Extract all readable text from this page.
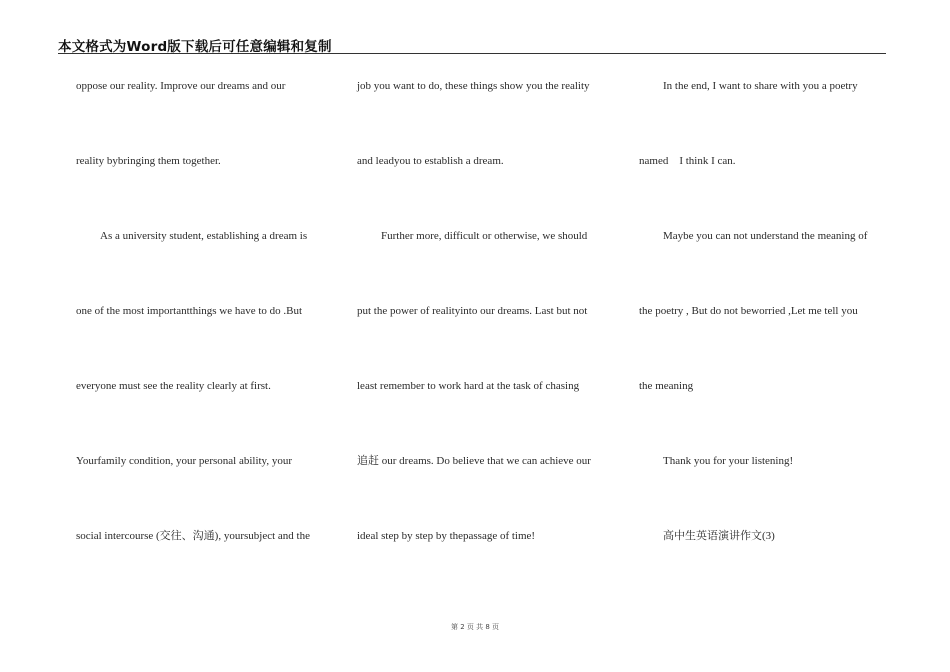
本文格式为Word版下载后可任意编辑和复制
oppose our reality. Improve our dreams and our
reality bybringing them together.
As a university student, establishing a dream is
one of the most importantthings we have to do .But
everyone must see the reality clearly at first.
Yourfamily condition, your personal ability, your
social intercourse (交往、沟通), yoursubject and the
job you want to do, these things show you the reality
and leadyou to establish a dream.
Further more, difficult or otherwise, we should
put the power of realityinto our dreams. Last but not
least remember to work hard at the task of chasing
追赶 our dreams. Do believe that we can achieve our
ideal step by step by thepassage of time!
In the end, I want to share with you a poetry
named　I think I can.
Maybe you can not understand the meaning of
the poetry , But do not beworried ,Let me tell you
the meaning
Thank you for your listening!
高中生英语演讲作文(3)
第 2 页 共 8 页
